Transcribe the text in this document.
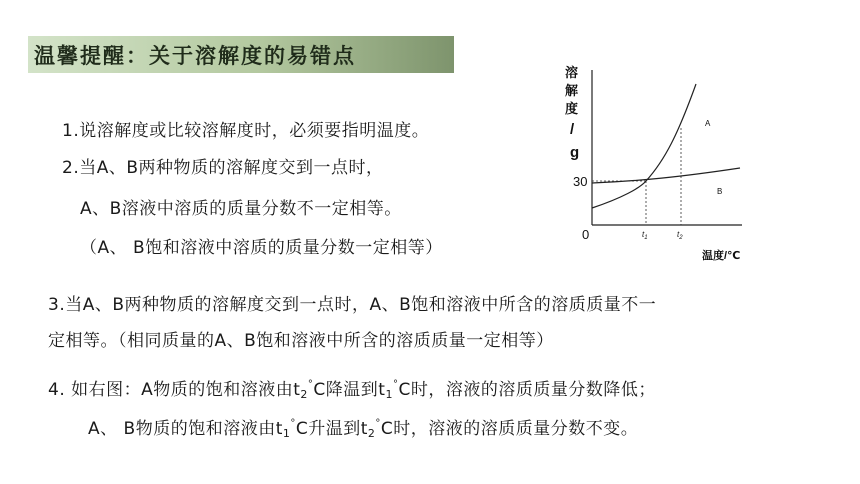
温馨提醒：关于溶解度的易错点
1.说溶解度或比较溶解度时，必须要指明温度。
2.当A、B两种物质的溶解度交到一点时，
A、B溶液中溶质的质量分数不一定相等。
（A、 B饱和溶液中溶质的质量分数一定相等）
3.当A、B两种物质的溶解度交到一点时，A、B饱和溶液中所含的溶质质量不一
定相等。（相同质量的A、B饱和溶液中所含的溶质质量一定相等）
4. 如右图：A物质的饱和溶液由$t_2^\circ C$降温到$t_1^\circ C$时，溶液的溶质质量分数降低；
A、 B物质的饱和溶液由$t_1^\circ C$升温到$t_2^\circ C$时，溶液的溶质质量分数不变。
溶
解
度
/
g
A
B
30
0	$t_1$	$t_2$
温度/℃
